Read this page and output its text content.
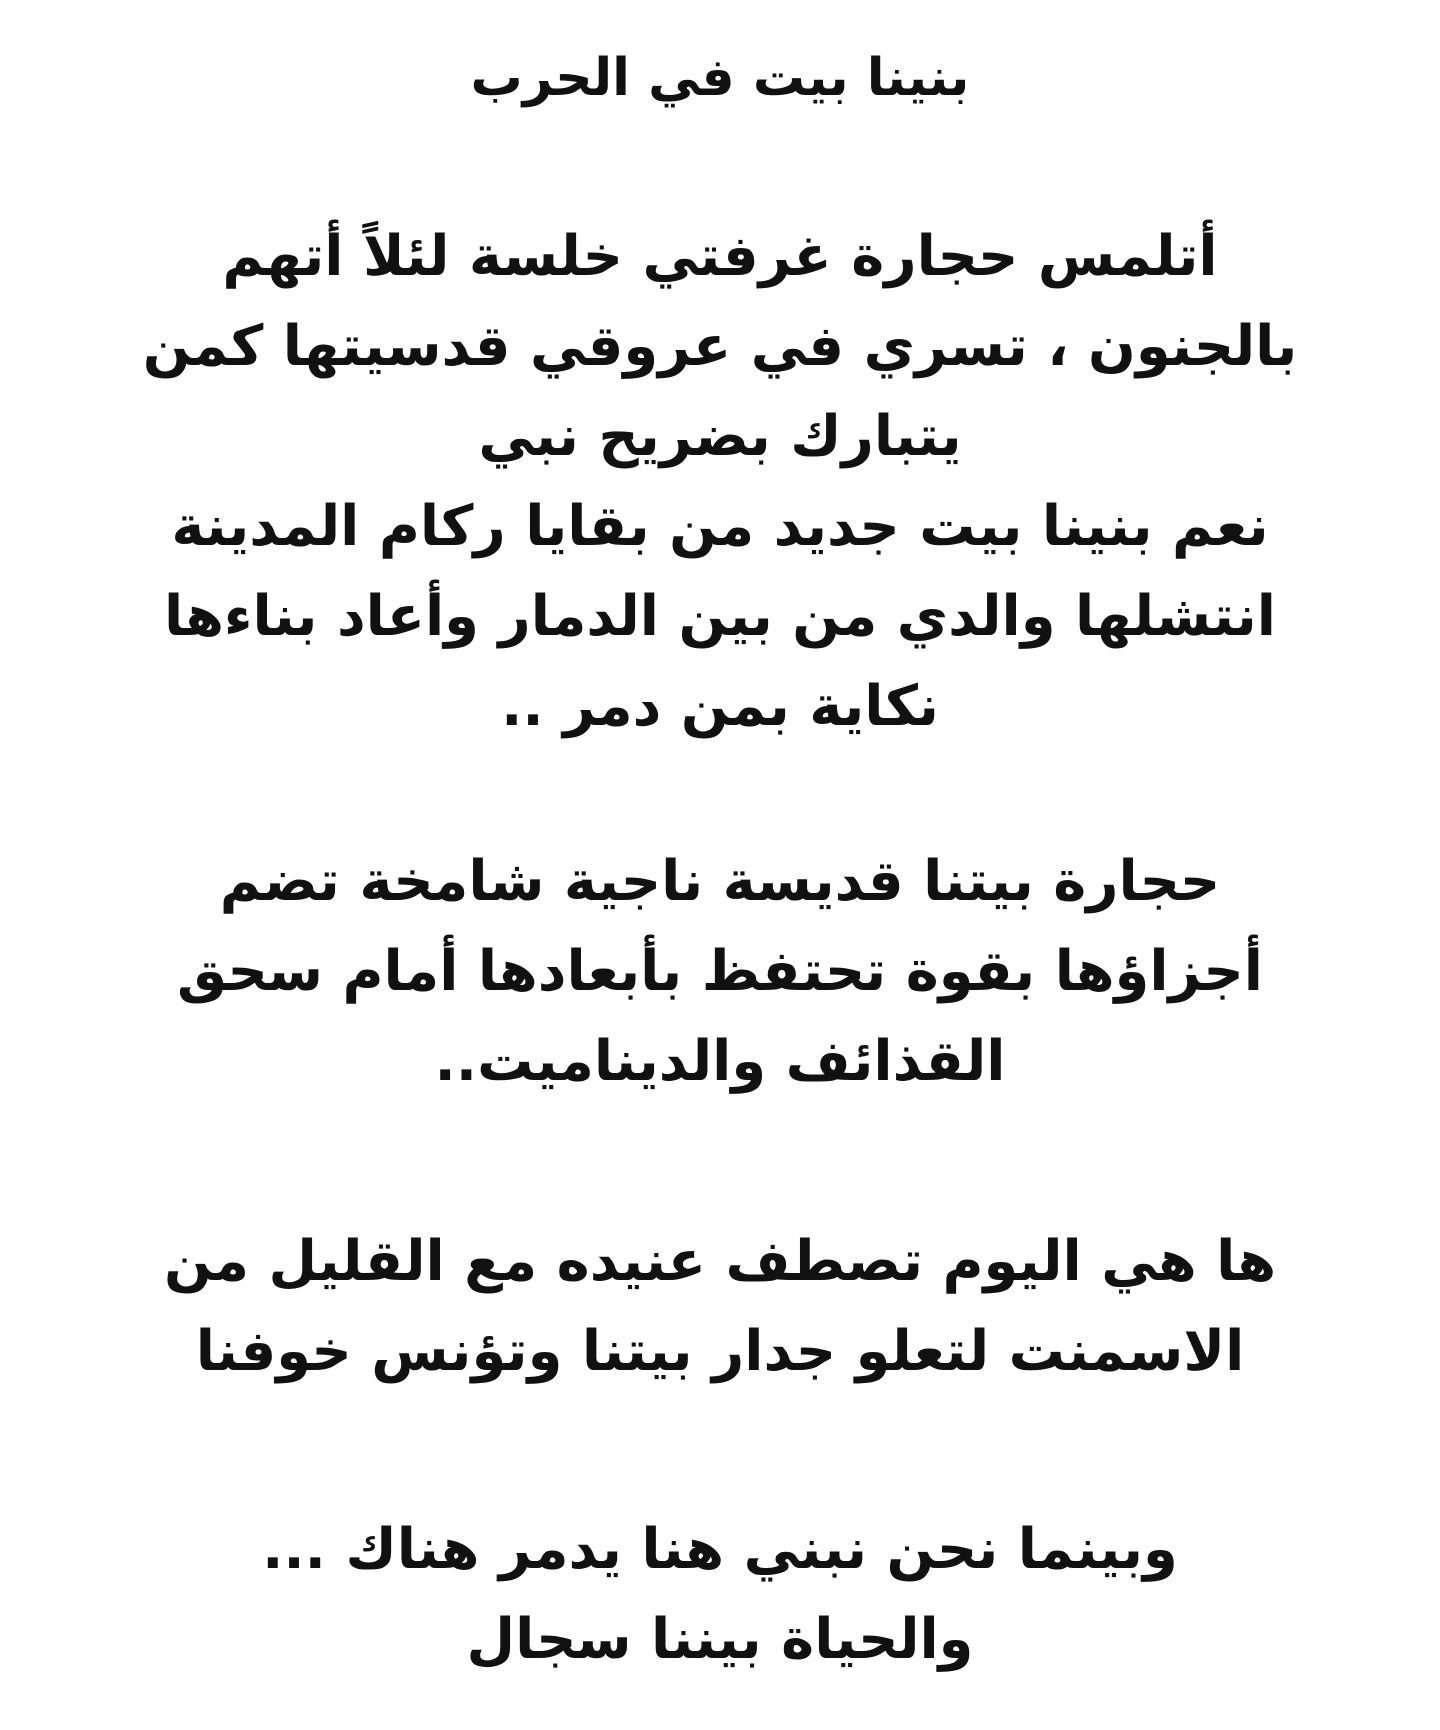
بنينا بيت في الحرب
أتلمس حجارة غرفتي خلسة لئلاً أتهم
بالجنون ، تسري في عروقي قدسيتها كمن
يتبارك بضريح نبي
نعم بنينا بيت جديد من بقايا ركام المدينة
انتشلها والدي من بين الدمار وأعاد بناءها
نكاية بمن دمر ..
حجارة بيتنا قديسة ناجية شامخة تضم
أجزاؤها بقوة تحتفظ بأبعادها أمام سحق
القذائف والديناميت..
ها هي اليوم تصطف عنيده مع القليل من
الاسمنت لتعلو جدار بيتنا وتؤنس خوفنا
وبينما نحن نبني هنا يدمر هناك ...
والحياة بيننا سجال
